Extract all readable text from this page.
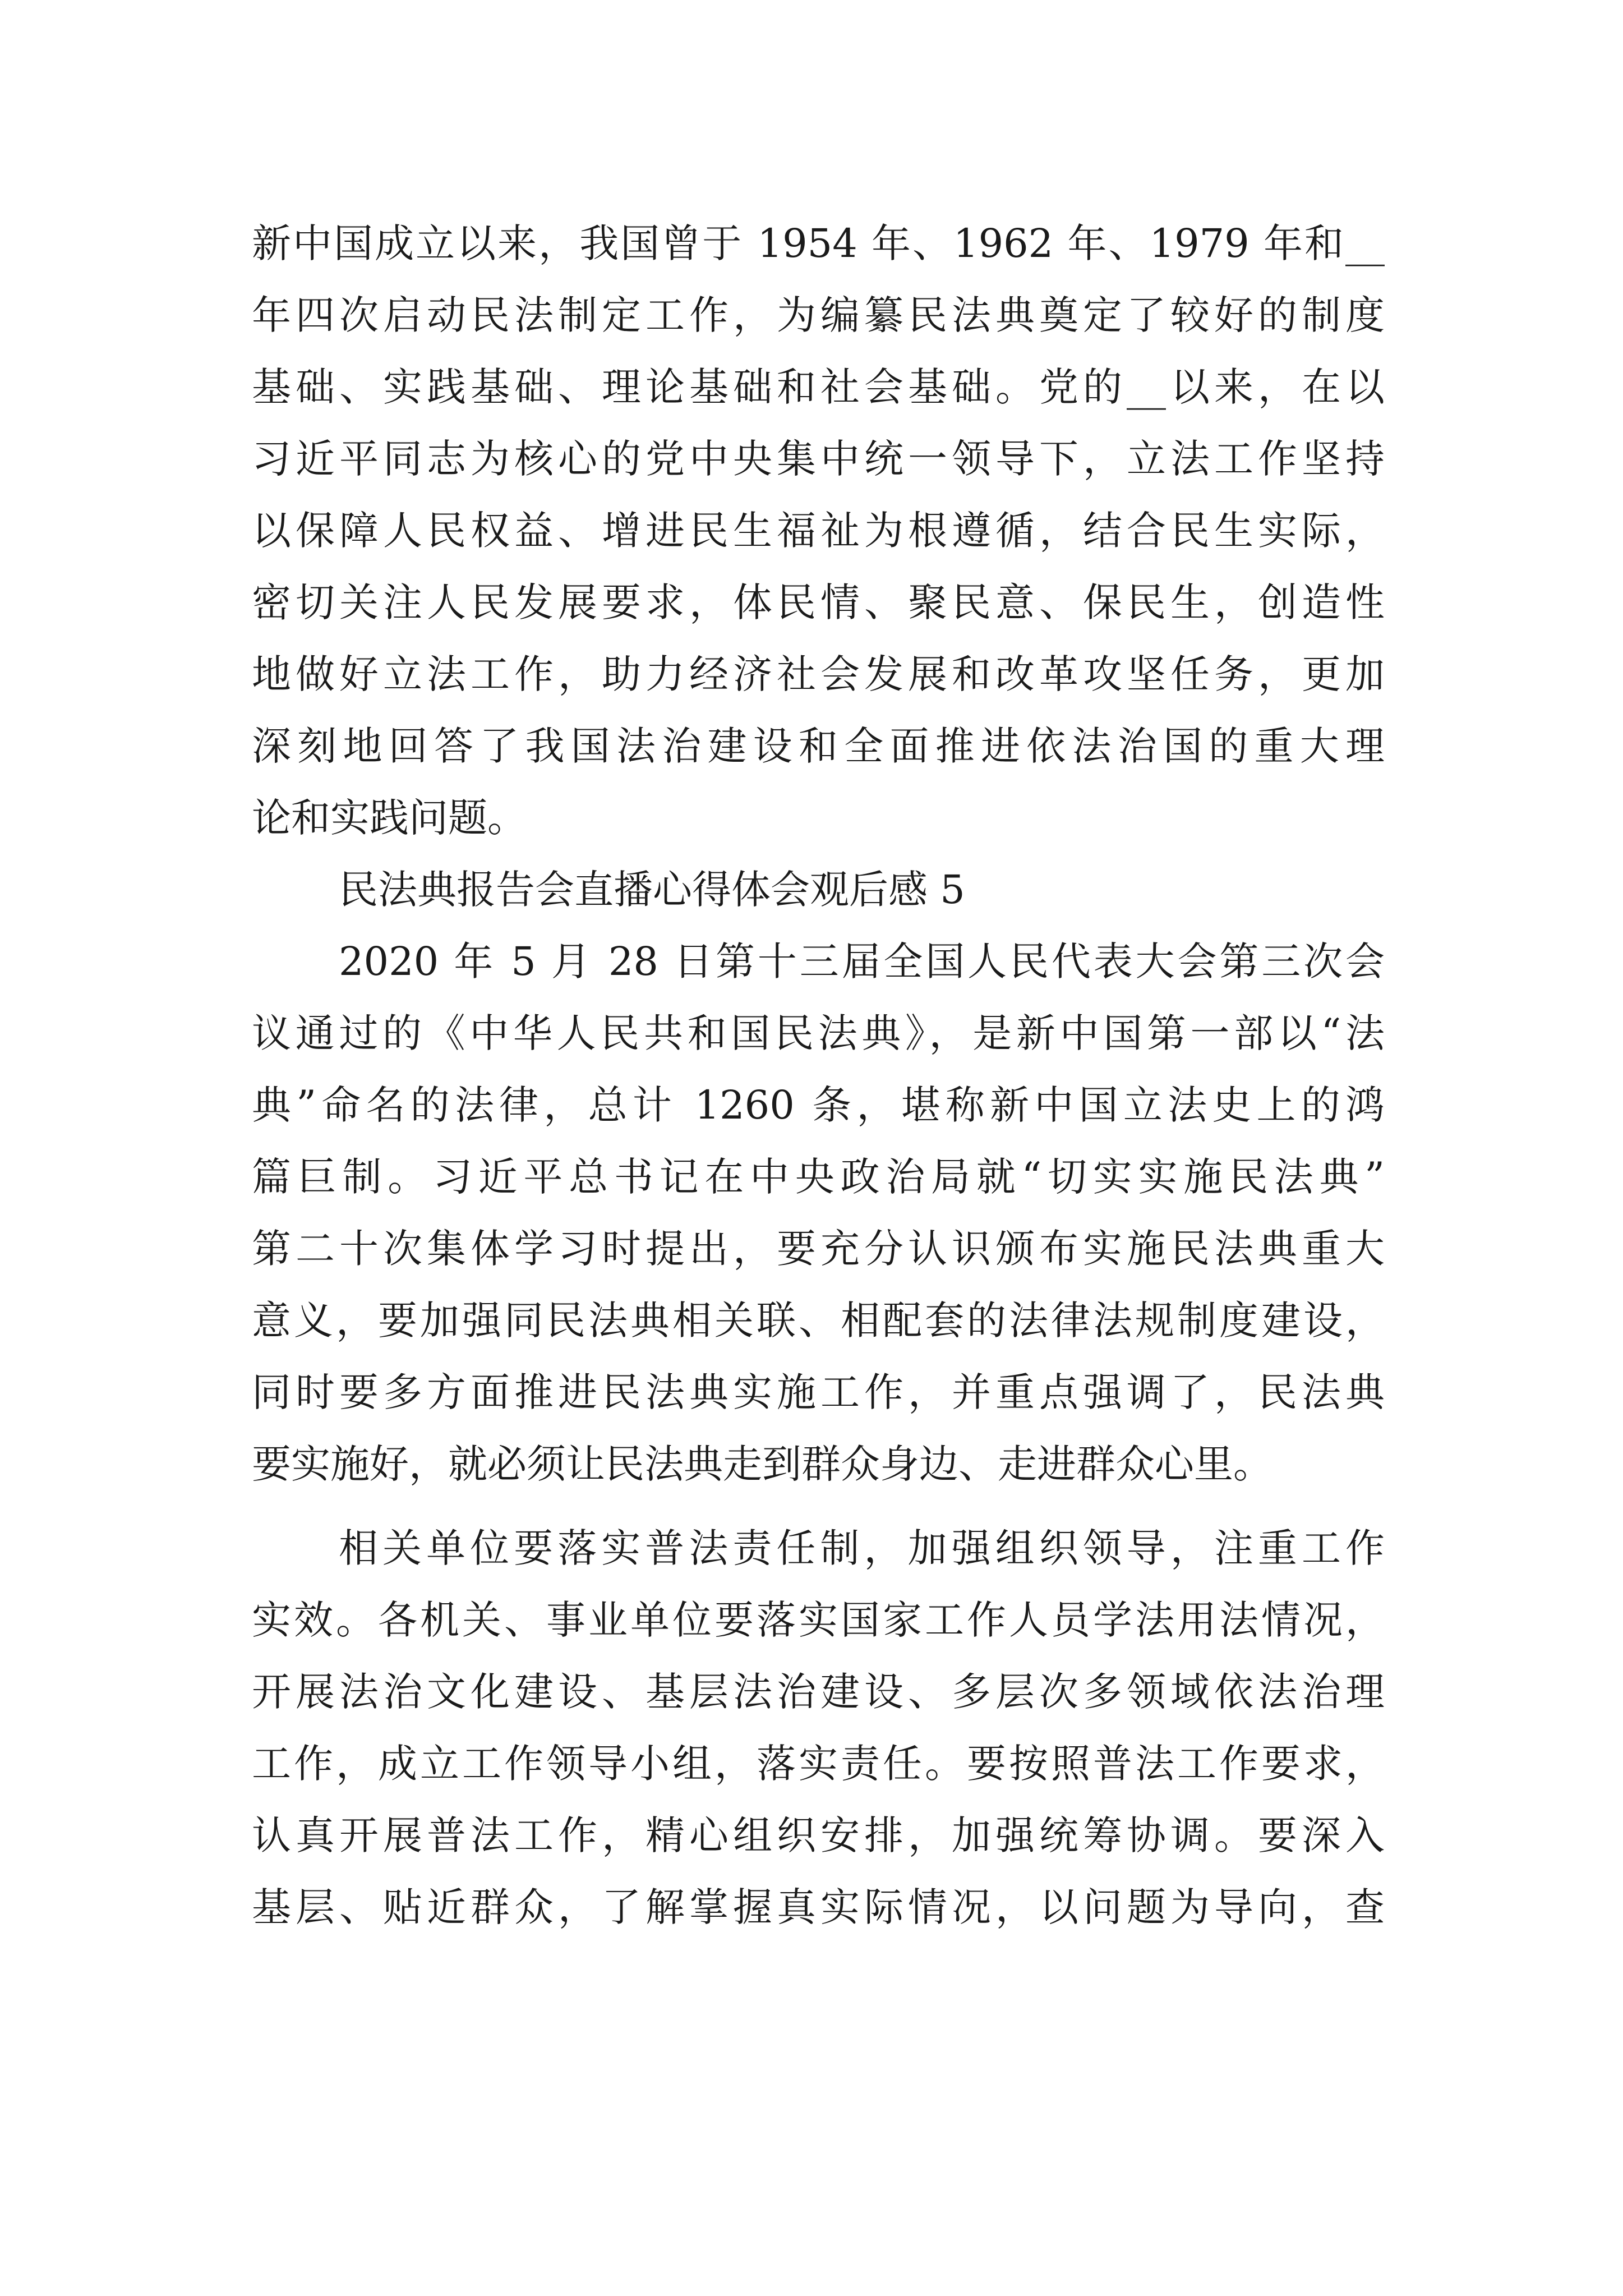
新中国成立以来，我国曾于 1954 年、1962 年、1979 年和__
年四次启动民法制定工作，为编纂民法典奠定了较好的制度
基础、实践基础、理论基础和社会基础。党的__以来，在以
习近平同志为核心的党中央集中统一领导下，立法工作坚持
以保障人民权益、增进民生福祉为根遵循，结合民生实际，
密切关注人民发展要求，体民情、聚民意、保民生，创造性
地做好立法工作，助力经济社会发展和改革攻坚任务，更加
深刻地回答了我国法治建设和全面推进依法治国的重大理
论和实践问题。
民法典报告会直播心得体会观后感 5
2020 年 5 月 28 日第十三届全国人民代表大会第三次会
议通过的《中华人民共和国民法典》，是新中国第一部以“法
典”命名的法律，总计 1260 条，堪称新中国立法史上的鸿
篇巨制。习近平总书记在中央政治局就“切实实施民法典”
第二十次集体学习时提出，要充分认识颁布实施民法典重大
意义，要加强同民法典相关联、相配套的法律法规制度建设，
同时要多方面推进民法典实施工作，并重点强调了，民法典
要实施好，就必须让民法典走到群众身边、走进群众心里。
相关单位要落实普法责任制，加强组织领导，注重工作
实效。各机关、事业单位要落实国家工作人员学法用法情况，
开展法治文化建设、基层法治建设、多层次多领域依法治理
工作，成立工作领导小组，落实责任。要按照普法工作要求，
认真开展普法工作，精心组织安排，加强统筹协调。要深入
基层、贴近群众，了解掌握真实际情况，以问题为导向，查
